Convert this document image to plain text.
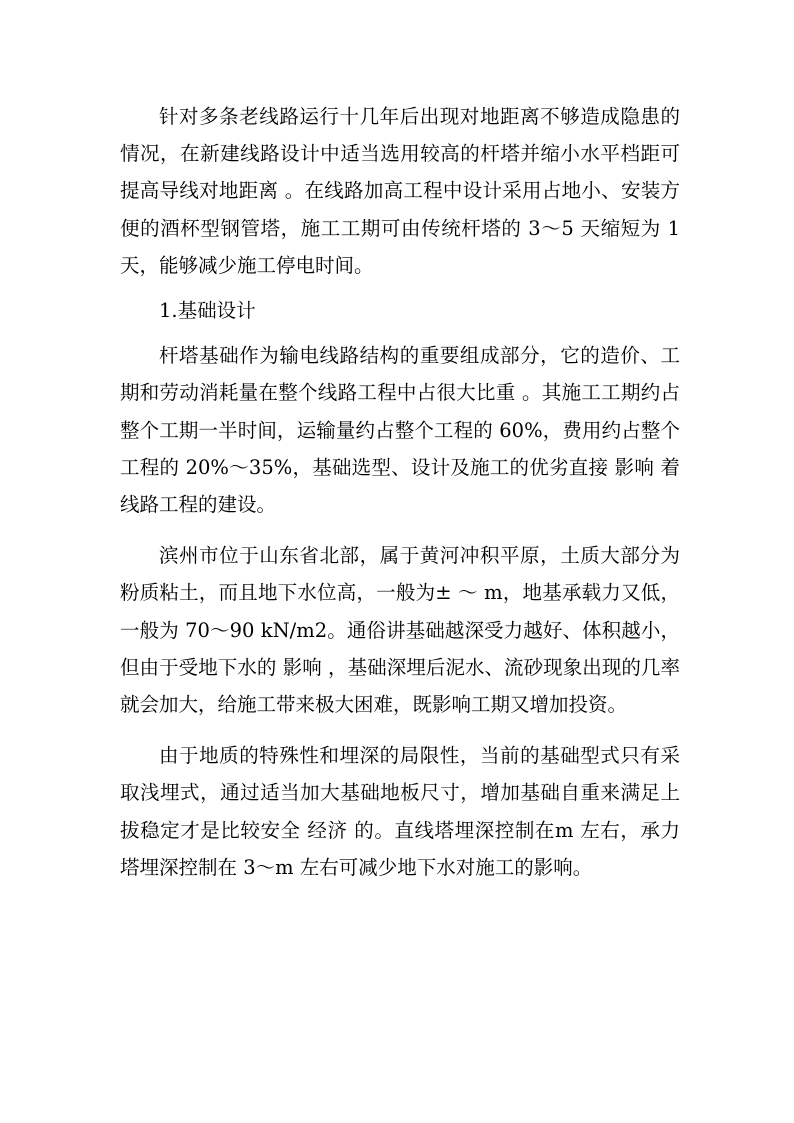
针对多条老线路运行十几年后出现对地距离不够造成隐患的情况，在新建线路设计中适当选用较高的杆塔并缩小水平档距可提高导线对地距离 。在线路加高工程中设计采用占地小、安装方便的酒杯型钢管塔，施工工期可由传统杆塔的 3～5 天缩短为 1 天，能够减少施工停电时间。

1.基础设计

杆塔基础作为输电线路结构的重要组成部分，它的造价、工期和劳动消耗量在整个线路工程中占很大比重 。其施工工期约占整个工期一半时间，运输量约占整个工程的 60%，费用约占整个工程的 20%～35%，基础选型、设计及施工的优劣直接 影响 着线路工程的建设。

滨州市位于山东省北部，属于黄河冲积平原，土质大部分为粉质粘土，而且地下水位高，一般为± ～ m，地基承载力又低，一般为 70～90 kN/m2。通俗讲基础越深受力越好、体积越小，但由于受地下水的 影响 ，基础深埋后泥水、流砂现象出现的几率就会加大，给施工带来极大困难，既影响工期又增加投资。

由于地质的特殊性和埋深的局限性，当前的基础型式只有采取浅埋式，通过适当加大基础地板尺寸，增加基础自重来满足上拔稳定才是比较安全 经济 的。直线塔埋深控制在m 左右，承力塔埋深控制在 3～m 左右可减少地下水对施工的影响。
